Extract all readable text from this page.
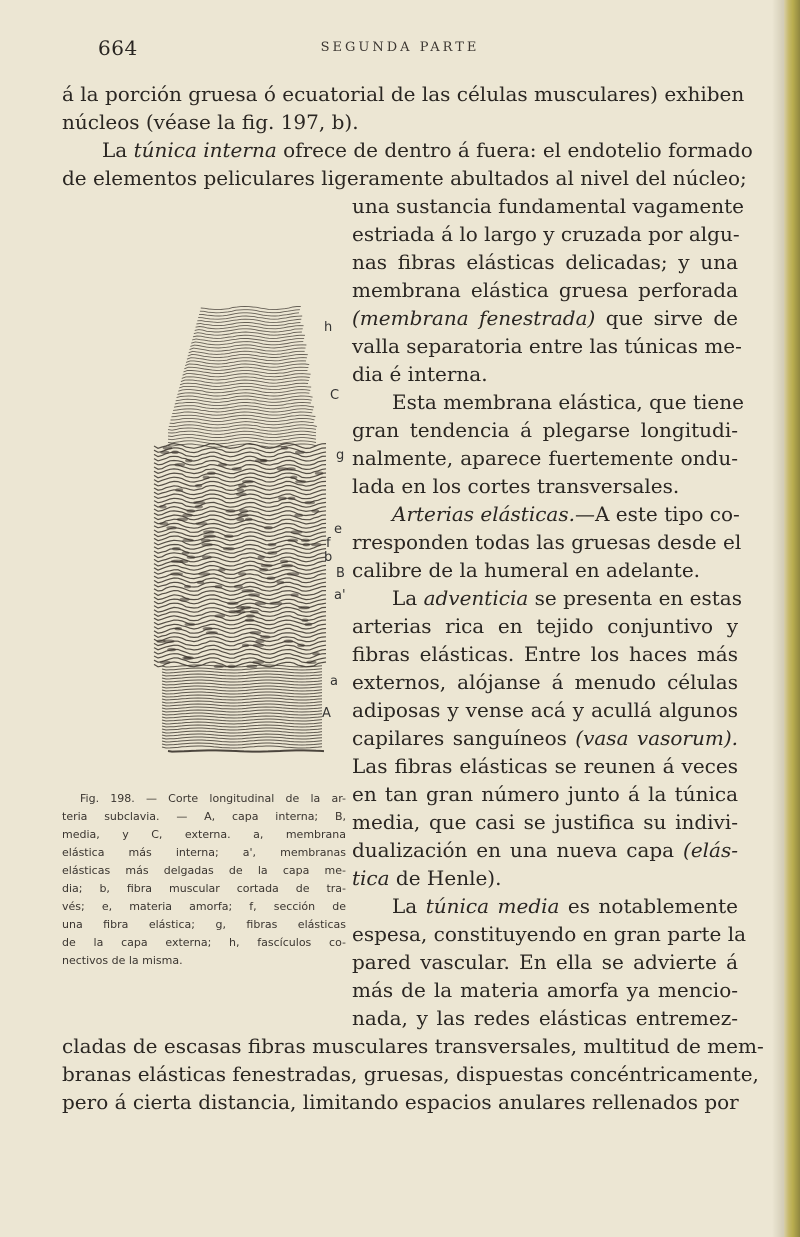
664	SEGUNDA PARTE
á la porción gruesa ó ecuatorial de las células musculares) exhiben
núcleos (véase la fig. 197, b).
La túnica interna ofrece de dentro á fuera: el endotelio formado
de elementos peliculares ligeramente abultados al nivel del núcleo;
una sustancia fundamental vagamente
estriada á lo largo y cruzada por algu-
nas fibras elásticas delicadas; y una
membrana elástica gruesa perforada
(membrana fenestrada) que sirve de
valla separatoria entre las túnicas me-
dia é interna.
Esta membrana elástica, que tiene
gran tendencia á plegarse longitudi-
nalmente, aparece fuertemente ondu-
lada en los cortes transversales.
Arterias elásticas.—A este tipo co-
rresponden todas las gruesas desde el
calibre de la humeral en adelante.
La adventicia se presenta en estas
arterias rica en tejido conjuntivo y
fibras elásticas. Entre los haces más
externos, alójanse á menudo células
adiposas y vense acá y acullá algunos
capilares sanguíneos (vasa vasorum).
Las fibras elásticas se reunen á veces
en tan gran número junto á la túnica
media, que casi se justifica su indivi-
dualización en una nueva capa (elás-
tica de Henle).
La túnica media es notablemente
espesa, constituyendo en gran parte la
pared vascular. En ella se advierte á
más de la materia amorfa ya mencio-
nada, y las redes elásticas entremez-
cladas de escasas fibras musculares transversales, multitud de mem-
branas elásticas fenestradas, gruesas, dispuestas concéntricamente,
pero á cierta distancia, limitando espacios anulares rellenados por
h
C
g
e
f
b
B
a'
a
A
Fig. 198. — Corte longitudinal de la ar-
teria subclavia. — A, capa interna; B,
media, y C, externa. a, membrana
elástica más interna; a', membranas
elásticas más delgadas de la capa me-
dia; b, fibra muscular cortada de tra-
vés; e, materia amorfa; f, sección de
una fibra elástica; g, fibras elásticas
de la capa externa; h, fascículos co-
nectivos de la misma.
